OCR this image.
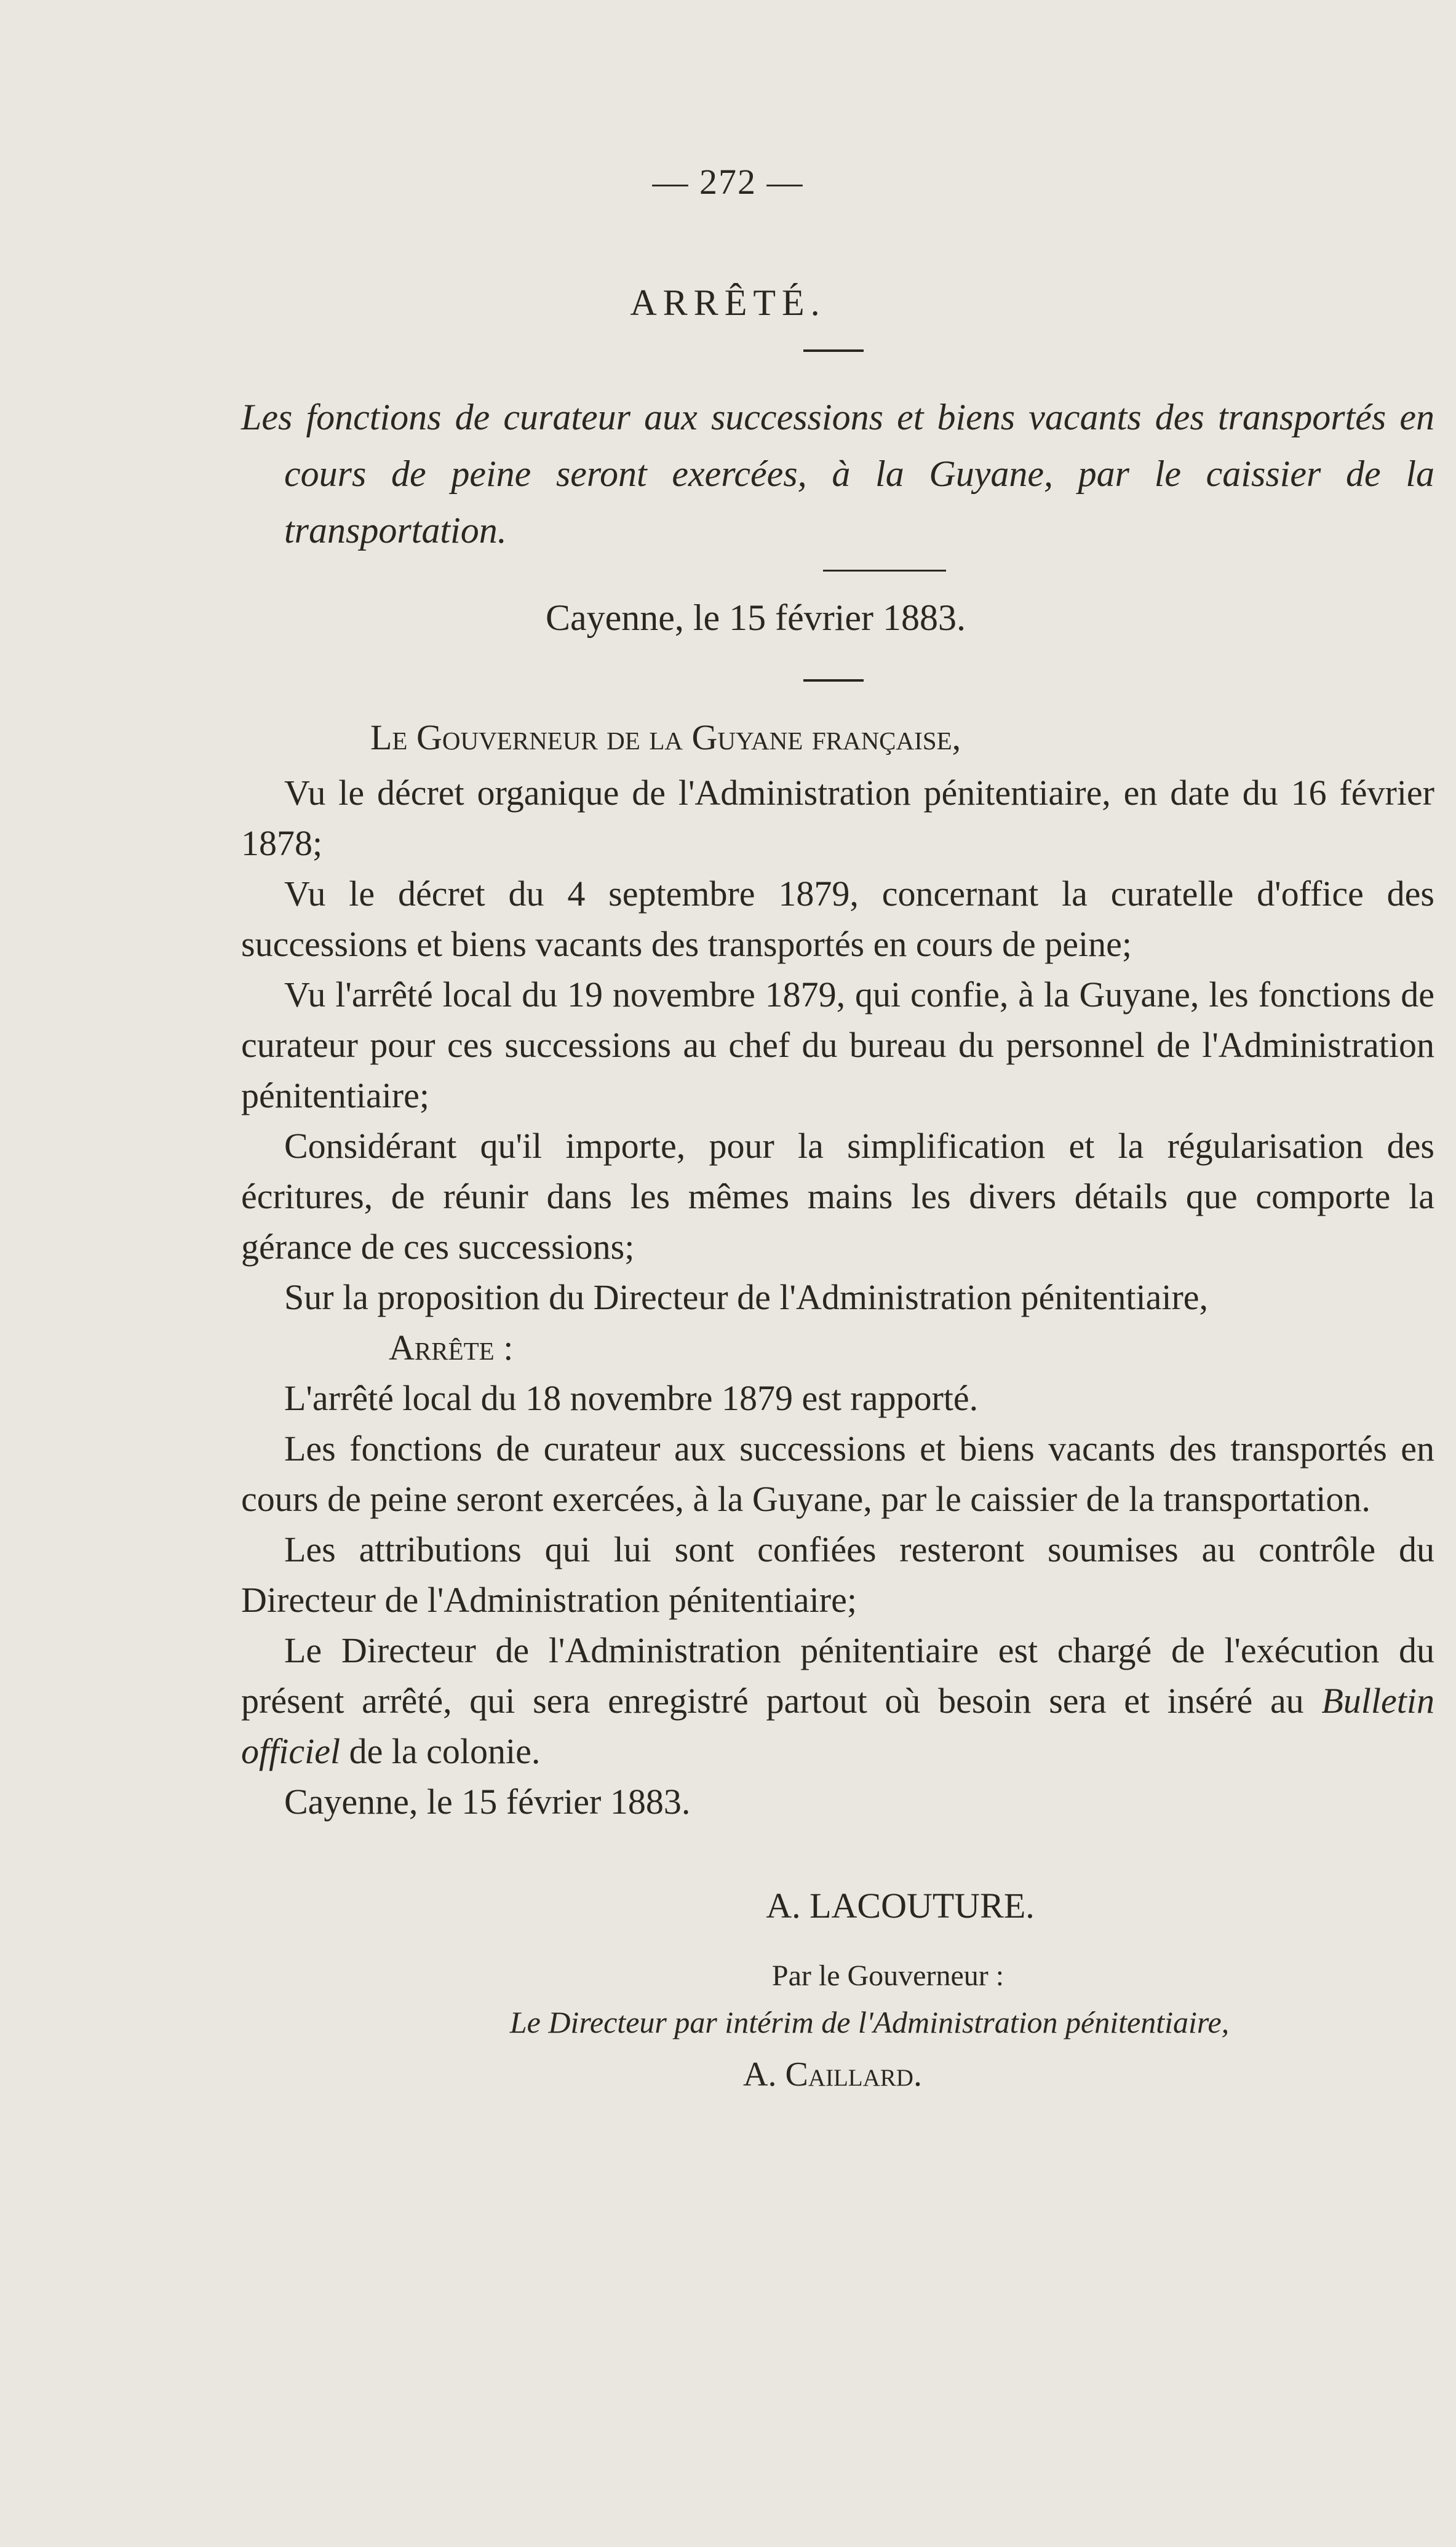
— 272 —
ARRÊTÉ.
Les fonctions de curateur aux successions et biens vacants des transportés en cours de peine seront exercées, à la Guyane, par le caissier de la transportation.
Cayenne, le 15 février 1883.

Le Gouverneur de la Guyane française,

Vu le décret organique de l'Administration pénitentiaire, en date du 16 février 1878;

Vu le décret du 4 septembre 1879, concernant la curatelle d'office des successions et biens vacants des transportés en cours de peine;

Vu l'arrêté local du 19 novembre 1879, qui confie, à la Guyane, les fonctions de curateur pour ces successions au chef du bureau du personnel de l'Administration pénitentiaire;

Considérant qu'il importe, pour la simplification et la régularisation des écritures, de réunir dans les mêmes mains les divers détails que comporte la gérance de ces successions;

Sur la proposition du Directeur de l'Administration pénitentiaire,

Arrête :

L'arrêté local du 18 novembre 1879 est rapporté.

Les fonctions de curateur aux successions et biens vacants des transportés en cours de peine seront exercées, à la Guyane, par le caissier de la transportation.

Les attributions qui lui sont confiées resteront soumises au contrôle du Directeur de l'Administration pénitentiaire;

Le Directeur de l'Administration pénitentiaire est chargé de l'exécution du présent arrêté, qui sera enregistré partout où besoin sera et inséré au Bulletin officiel de la colonie.

Cayenne, le 15 février 1883.

A. LACOUTURE.
Par le Gouverneur :
Le Directeur par intérim de l'Administration pénitentiaire,
A. Caillard.
